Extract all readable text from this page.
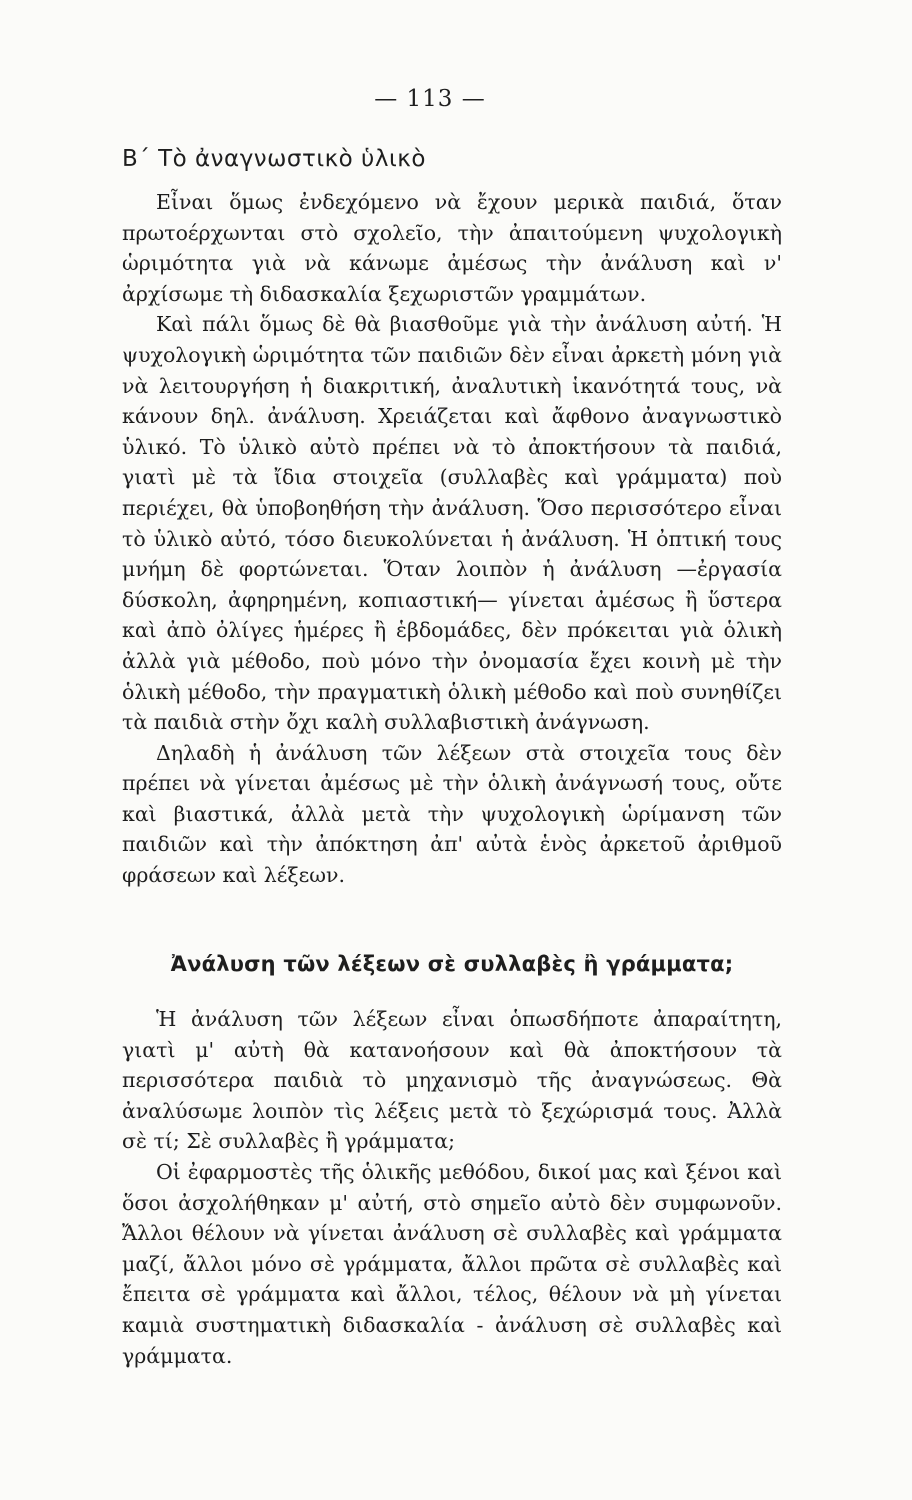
— 113 —
Β΄ Τὸ ἀναγνωστικὸ ὑλικὸ

Εἶναι ὅμως ἐνδεχόμενο νὰ ἔχουν μερικὰ παιδιά, ὅταν πρωτοέρχωνται στὸ σχολεῖο, τὴν ἀπαιτούμενη ψυχολογικὴ ὡριμότητα γιὰ νὰ κάνωμε ἀμέσως τὴν ἀνάλυση καὶ ν' ἀρχίσωμε τὴ διδασκαλία ξεχωριστῶν γραμμάτων.

Καὶ πάλι ὅμως δὲ θὰ βιασθοῦμε γιὰ τὴν ἀνάλυση αὐτή. Ἡ ψυχολογικὴ ὡριμότητα τῶν παιδιῶν δὲν εἶναι ἀρκετὴ μόνη γιὰ νὰ λειτουργήση ἡ διακριτική, ἀναλυτικὴ ἱκανότητά τους, νὰ κάνουν δηλ. ἀνάλυση. Χρειάζεται καὶ ἄφθονο ἀναγνωστικὸ ὑλικό. Τὸ ὑλικὸ αὐτὸ πρέπει νὰ τὸ ἀποκτήσουν τὰ παιδιά, γιατὶ μὲ τὰ ἴδια στοιχεῖα (συλλαβὲς καὶ γράμματα) ποὺ περιέχει, θὰ ὑποβοηθήση τὴν ἀνάλυση. Ὅσο περισσότερο εἶναι τὸ ὑλικὸ αὐτό, τόσο διευκολύνεται ἡ ἀνάλυση. Ἡ ὀπτική τους μνήμη δὲ φορτώνεται. Ὅταν λοιπὸν ἡ ἀνάλυση —ἐργασία δύσκολη, ἀφηρημένη, κοπιαστική— γίνεται ἀμέσως ἢ ὕστερα καὶ ἀπὸ ὀλίγες ἡμέρες ἢ ἑβδομάδες, δὲν πρόκειται γιὰ ὁλικὴ ἀλλὰ γιὰ μέθοδο, ποὺ μόνο τὴν ὀνομασία ἔχει κοινὴ μὲ τὴν ὁλικὴ μέθοδο, τὴν πραγματικὴ ὁλικὴ μέθοδο καὶ ποὺ συνηθίζει τὰ παιδιὰ στὴν ὄχι καλὴ συλλαβιστικὴ ἀνάγνωση.

Δηλαδὴ ἡ ἀνάλυση τῶν λέξεων στὰ στοιχεῖα τους δὲν πρέπει νὰ γίνεται ἀμέσως μὲ τὴν ὁλικὴ ἀνάγνωσή τους, οὔτε καὶ βιαστικά, ἀλλὰ μετὰ τὴν ψυχολογικὴ ὡρίμανση τῶν παιδιῶν καὶ τὴν ἀπόκτηση ἀπ' αὐτὰ ἑνὸς ἀρκετοῦ ἀριθμοῦ φράσεων καὶ λέξεων.

Ἀνάλυση τῶν λέξεων σὲ συλλαβὲς ἢ γράμματα;

Ἡ ἀνάλυση τῶν λέξεων εἶναι ὁπωσδήποτε ἀπαραίτητη, γιατὶ μ' αὐτὴ θὰ κατανοήσουν καὶ θὰ ἀποκτήσουν τὰ περισσότερα παιδιὰ τὸ μηχανισμὸ τῆς ἀναγνώσεως. Θὰ ἀναλύσωμε λοιπὸν τὶς λέξεις μετὰ τὸ ξεχώρισμά τους. Ἀλλὰ σὲ τί; Σὲ συλλαβὲς ἢ γράμματα;

Οἱ ἐφαρμοστὲς τῆς ὁλικῆς μεθόδου, δικοί μας καὶ ξένοι καὶ ὅσοι ἀσχολήθηκαν μ' αὐτή, στὸ σημεῖο αὐτὸ δὲν συμφωνοῦν. Ἄλλοι θέλουν νὰ γίνεται ἀνάλυση σὲ συλλαβὲς καὶ γράμματα μαζί, ἄλλοι μόνο σὲ γράμματα, ἄλλοι πρῶτα σὲ συλλαβὲς καὶ ἔπειτα σὲ γράμματα καὶ ἄλλοι, τέλος, θέλουν νὰ μὴ γίνεται καμιὰ συστηματικὴ διδασκαλία - ἀνάλυση σὲ συλλαβὲς καὶ γράμματα.
